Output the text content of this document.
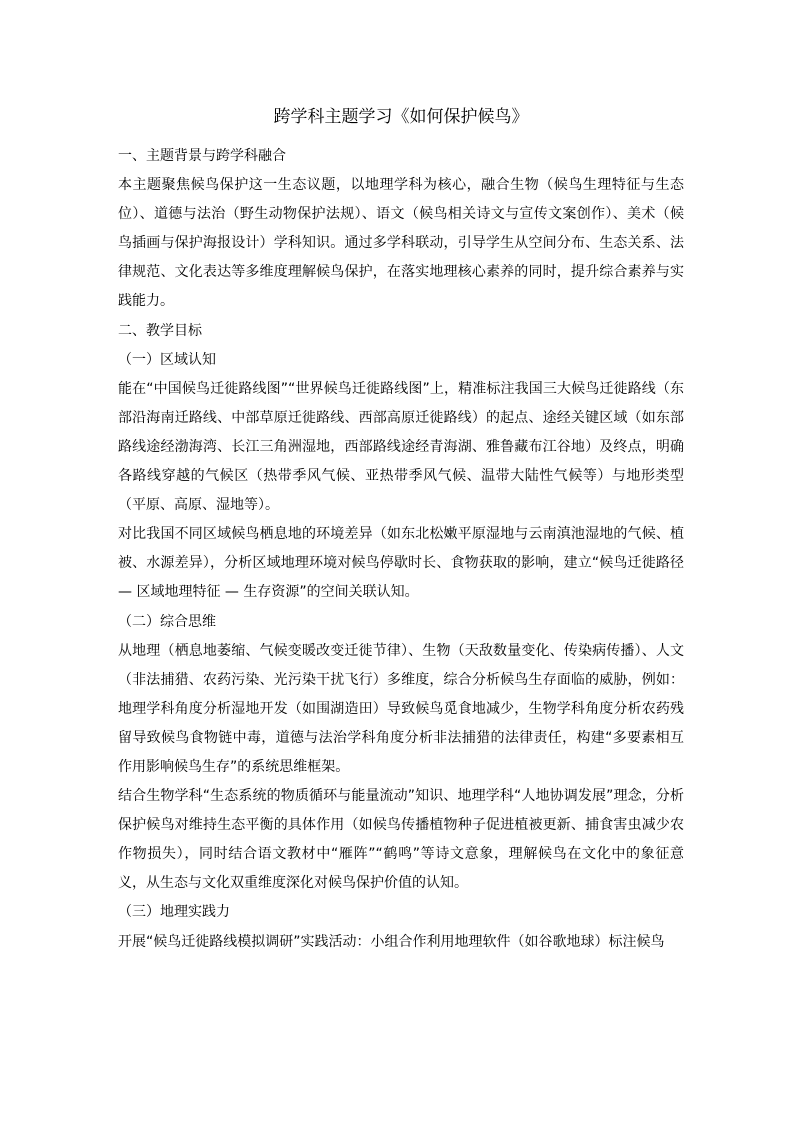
跨学科主题学习《如何保护候鸟》

一、主题背景与跨学科融合

本主题聚焦候鸟保护这一生态议题，以地理学科为核心，融合生物（候鸟生理特征与生态位）、道德与法治（野生动物保护法规）、语文（候鸟相关诗文与宣传文案创作）、美术（候鸟插画与保护海报设计）学科知识。通过多学科联动，引导学生从空间分布、生态关系、法律规范、文化表达等多维度理解候鸟保护，在落实地理核心素养的同时，提升综合素养与实践能力。

二、教学目标

（一）区域认知

能在“中国候鸟迁徙路线图”“世界候鸟迁徙路线图”上，精准标注我国三大候鸟迁徙路线（东部沿海南迁路线、中部草原迁徙路线、西部高原迁徙路线）的起点、途经关键区域（如东部路线途经渤海湾、长江三角洲湿地，西部路线途经青海湖、雅鲁藏布江谷地）及终点，明确各路线穿越的气候区（热带季风气候、亚热带季风气候、温带大陆性气候等）与地形类型（平原、高原、湿地等）。

对比我国不同区域候鸟栖息地的环境差异（如东北松嫩平原湿地与云南滇池湿地的气候、植被、水源差异），分析区域地理环境对候鸟停歇时长、食物获取的影响，建立“候鸟迁徙路径 — 区域地理特征 — 生存资源”的空间关联认知。

（二）综合思维

从地理（栖息地萎缩、气候变暖改变迁徙节律）、生物（天敌数量变化、传染病传播）、人文（非法捕猎、农药污染、光污染干扰飞行）多维度，综合分析候鸟生存面临的威胁，例如：地理学科角度分析湿地开发（如围湖造田）导致候鸟觅食地减少，生物学科角度分析农药残留导致候鸟食物链中毒，道德与法治学科角度分析非法捕猎的法律责任，构建“多要素相互作用影响候鸟生存”的系统思维框架。

结合生物学科“生态系统的物质循环与能量流动”知识、地理学科“人地协调发展”理念，分析保护候鸟对维持生态平衡的具体作用（如候鸟传播植物种子促进植被更新、捕食害虫减少农作物损失），同时结合语文教材中“雁阵”“鹤鸣”等诗文意象，理解候鸟在文化中的象征意义，从生态与文化双重维度深化对候鸟保护价值的认知。

（三）地理实践力

开展“候鸟迁徙路线模拟调研”实践活动：小组合作利用地理软件（如谷歌地球）标注候鸟
